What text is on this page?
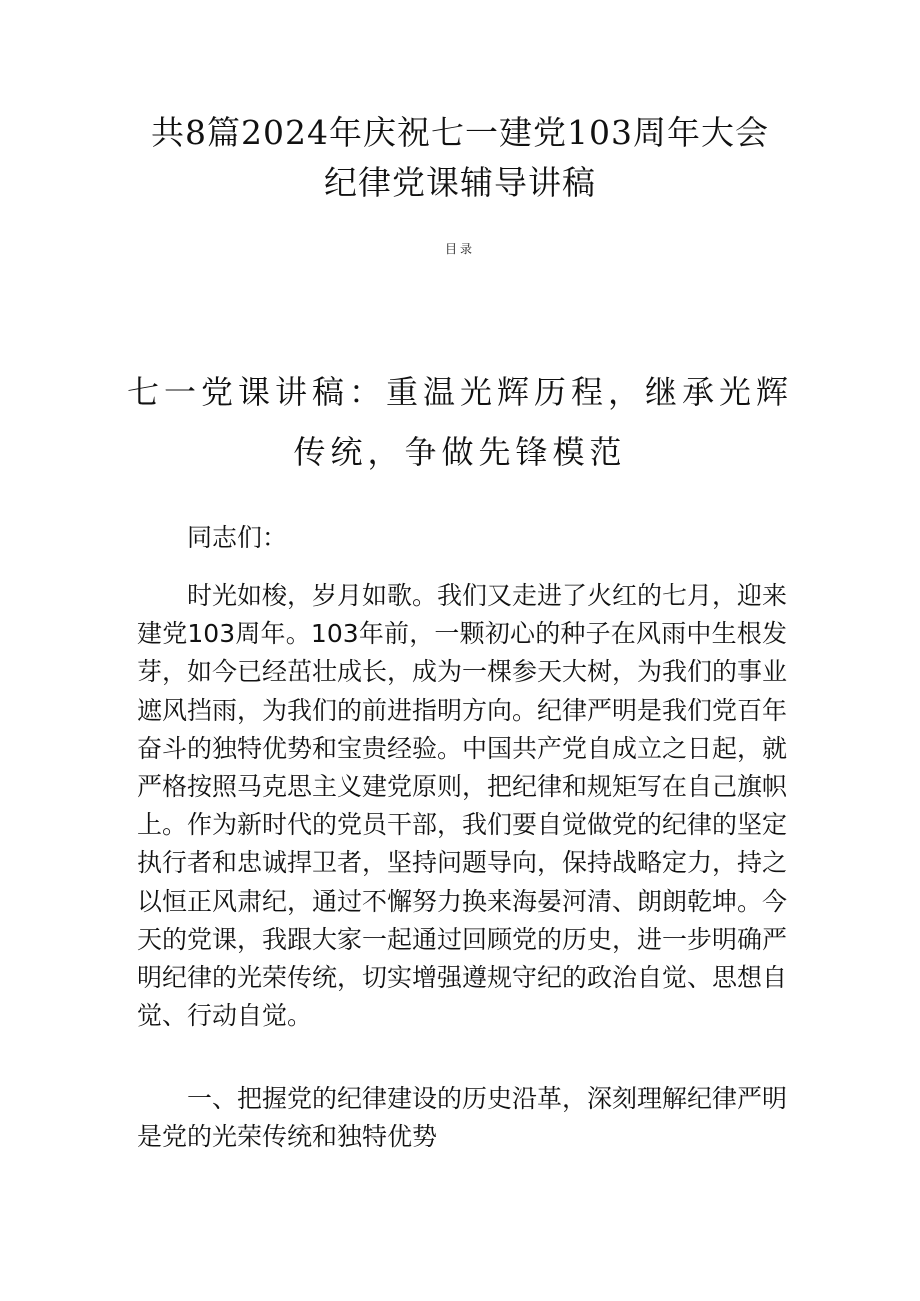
共8篇2024年庆祝七一建党103周年大会
纪律党课辅导讲稿
目录
七一党课讲稿：重温光辉历程，继承光辉
传统，争做先锋模范

同志们：

时光如梭，岁月如歌。我们又走进了火红的七月，迎来建党103周年。103年前，一颗初心的种子在风雨中生根发芽，如今已经茁壮成长，成为一棵参天大树，为我们的事业遮风挡雨，为我们的前进指明方向。纪律严明是我们党百年奋斗的独特优势和宝贵经验。中国共产党自成立之日起，就严格按照马克思主义建党原则，把纪律和规矩写在自己旗帜上。作为新时代的党员干部，我们要自觉做党的纪律的坚定执行者和忠诚捍卫者，坚持问题导向，保持战略定力，持之以恒正风肃纪，通过不懈努力换来海晏河清、朗朗乾坤。今天的党课，我跟大家一起通过回顾党的历史，进一步明确严明纪律的光荣传统，切实增强遵规守纪的政治自觉、思想自觉、行动自觉。

一、把握党的纪律建设的历史沿革，深刻理解纪律严明是党的光荣传统和独特优势
